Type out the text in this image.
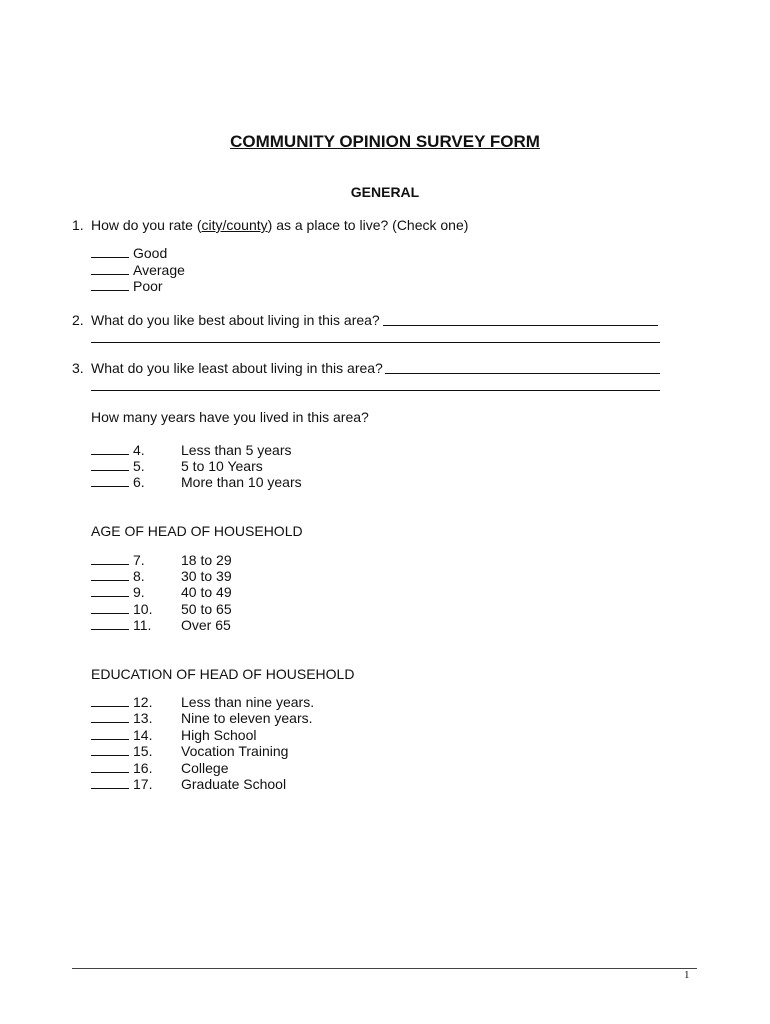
COMMUNITY OPINION SURVEY FORM
GENERAL
1. How do you rate (city/county) as a place to live? (Check one)
Good
Average
Poor
2. What do you like best about living in this area?
3. What do you like least about living in this area?
How many years have you lived in this area?
4.	Less than 5 years
5.	5 to 10 Years
6.	More than 10 years
AGE OF HEAD OF HOUSEHOLD
7.	18 to 29
8.	30 to 39
9.	40 to 49
10. 50 to 65
11. Over 65
EDUCATION OF HEAD OF HOUSEHOLD
12. Less than nine years.
13. Nine to eleven years.
14. High School
15. Vocation Training
16. College
17. Graduate School
1
